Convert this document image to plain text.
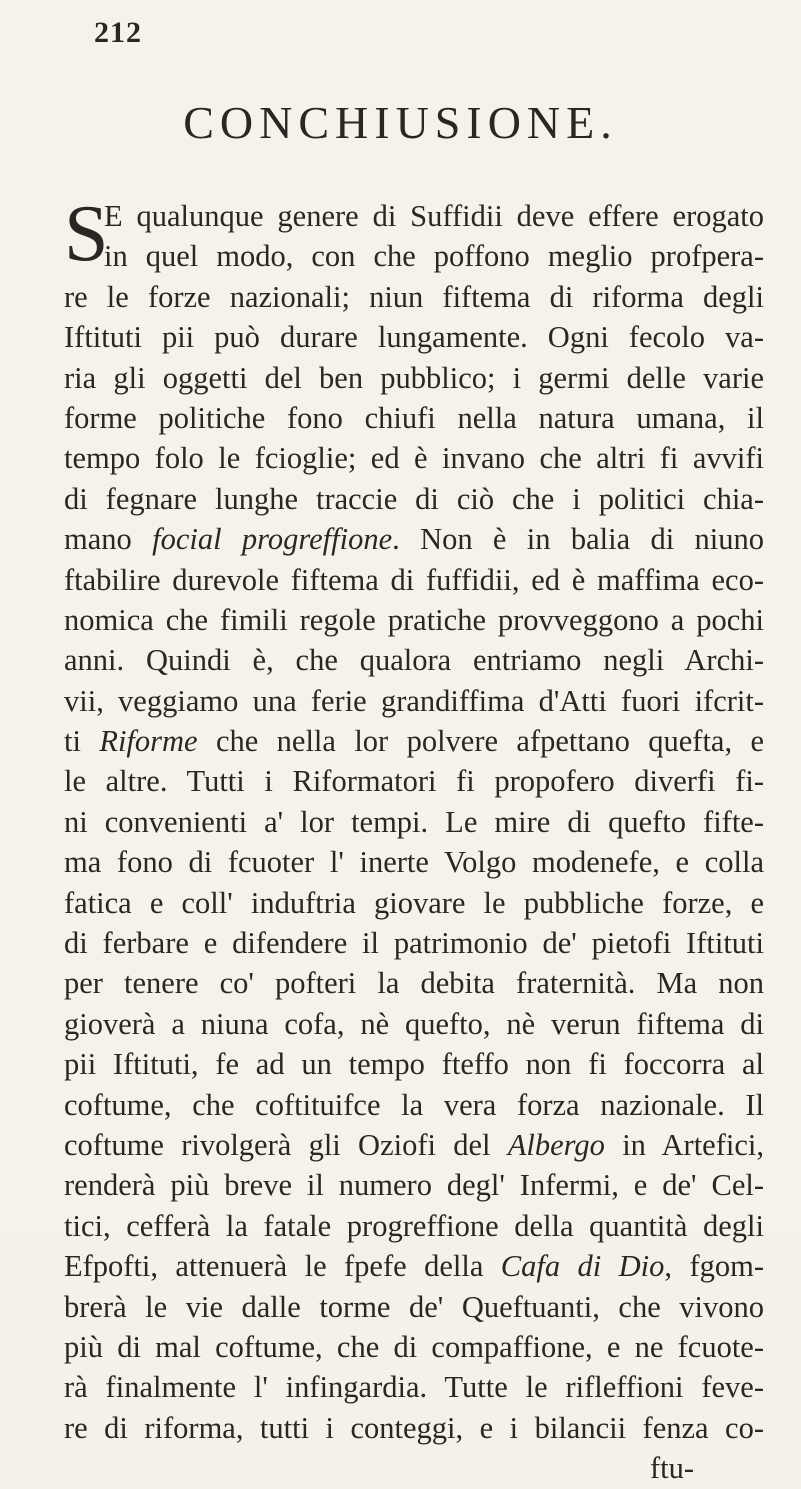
212
CONCHIUSIONE.
S
E qualunque genere di Suffidii deve effere erogato
in quel modo, con che poffono meglio profpera-
re le forze nazionali; niun fiftema di riforma degli
Iftituti pii può durare lungamente. Ogni fecolo va-
ria gli oggetti del ben pubblico; i germi delle varie
forme politiche fono chiufi nella natura umana, il
tempo folo le fcioglie; ed è invano che altri fi avvifi
di fegnare lunghe traccie di ciò che i politici chia-
mano focial progreffione. Non è in balia di niuno
ftabilire durevole fiftema di fuffidii, ed è maffima eco-
nomica che fimili regole pratiche provveggono a pochi
anni. Quindi è, che qualora entriamo negli Archi-
vii, veggiamo una ferie grandiffima d'Atti fuori ifcrit-
ti Riforme che nella lor polvere afpettano quefta, e
le altre. Tutti i Riformatori fi propofero diverfi fi-
ni convenienti a' lor tempi. Le mire di quefto fifte-
ma fono di fcuoter l' inerte Volgo modenefe, e colla
fatica e coll' induftria giovare le pubbliche forze, e
di ferbare e difendere il patrimonio de' pietofi Iftituti
per tenere co' pofteri la debita fraternità. Ma non
gioverà a niuna cofa, nè quefto, nè verun fiftema di
pii Iftituti, fe ad un tempo fteffo non fi foccorra al
coftume, che coftituifce la vera forza nazionale. Il
coftume rivolgerà gli Oziofi del Albergo in Artefici,
renderà più breve il numero degl' Infermi, e de' Cel-
tici, cefferà la fatale progreffione della quantità degli
Efpofti, attenuerà le fpefe della Cafa di Dio, fgom-
brerà le vie dalle torme de' Queftuanti, che vivono
più di mal coftume, che di compaffione, e ne fcuote-
rà finalmente l' infingardia. Tutte le rifleffioni feve-
re di riforma, tutti i conteggi, e i bilancii fenza co-
ftu-
